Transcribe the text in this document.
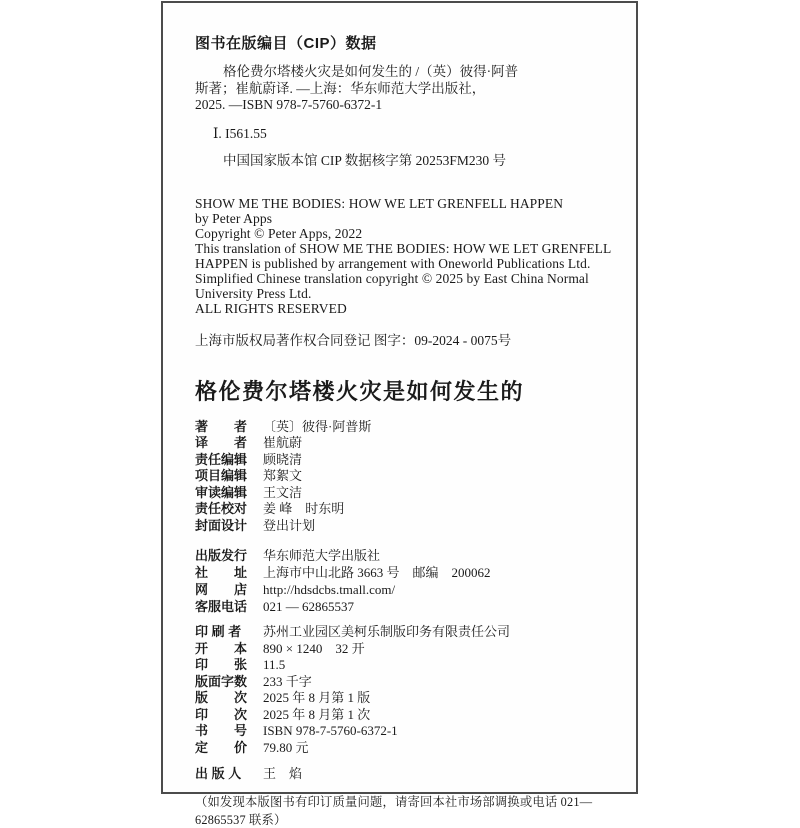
图书在版编目（CIP）数据
格伦费尔塔楼火灾是如何发生的 /（英）彼得·阿普
斯著；崔航蔚译. —上海：华东师范大学出版社，
2025. —ISBN 978-7-5760-6372-1
Ⅰ. I561.55
中国国家版本馆 CIP 数据核字第 20253FM230 号
SHOW ME THE BODIES: HOW WE LET GRENFELL HAPPEN
by Peter Apps
Copyright © Peter Apps, 2022
This translation of SHOW ME THE BODIES: HOW WE LET GRENFELL
HAPPEN is published by arrangement with Oneworld Publications Ltd.
Simplified Chinese translation copyright © 2025 by East China Normal
University Press Ltd.
ALL RIGHTS RESERVED
上海市版权局著作权合同登记 图字：09-2024 - 0075号
格伦费尔塔楼火灾是如何发生的
著　　者 〔英〕彼得·阿普斯
译　　者 崔航蔚
责任编辑 顾晓清
项目编辑 郑絮文
审读编辑 王文洁
责任校对 姜 峰　时东明
封面设计 登出计划
出版发行 华东师范大学出版社
社　　址 上海市中山北路 3663 号　邮编　200062
网　　店 http://hdsdcbs.tmall.com/
客服电话 021 — 62865537
印 刷 者	苏州工业园区美柯乐制版印务有限责任公司
开　　本 890 × 1240　32 开
印　　张 11.5
版面字数 233 千字
版　　次 2025 年 8 月第 1 版
印　　次 2025 年 8 月第 1 次
书　　号 ISBN 978-7-5760-6372-1
定　　价 79.80 元
出 版 人	王　焰
（如发现本版图书有印订质量问题，请寄回本社市场部调换或电话 021—62865537 联系）
